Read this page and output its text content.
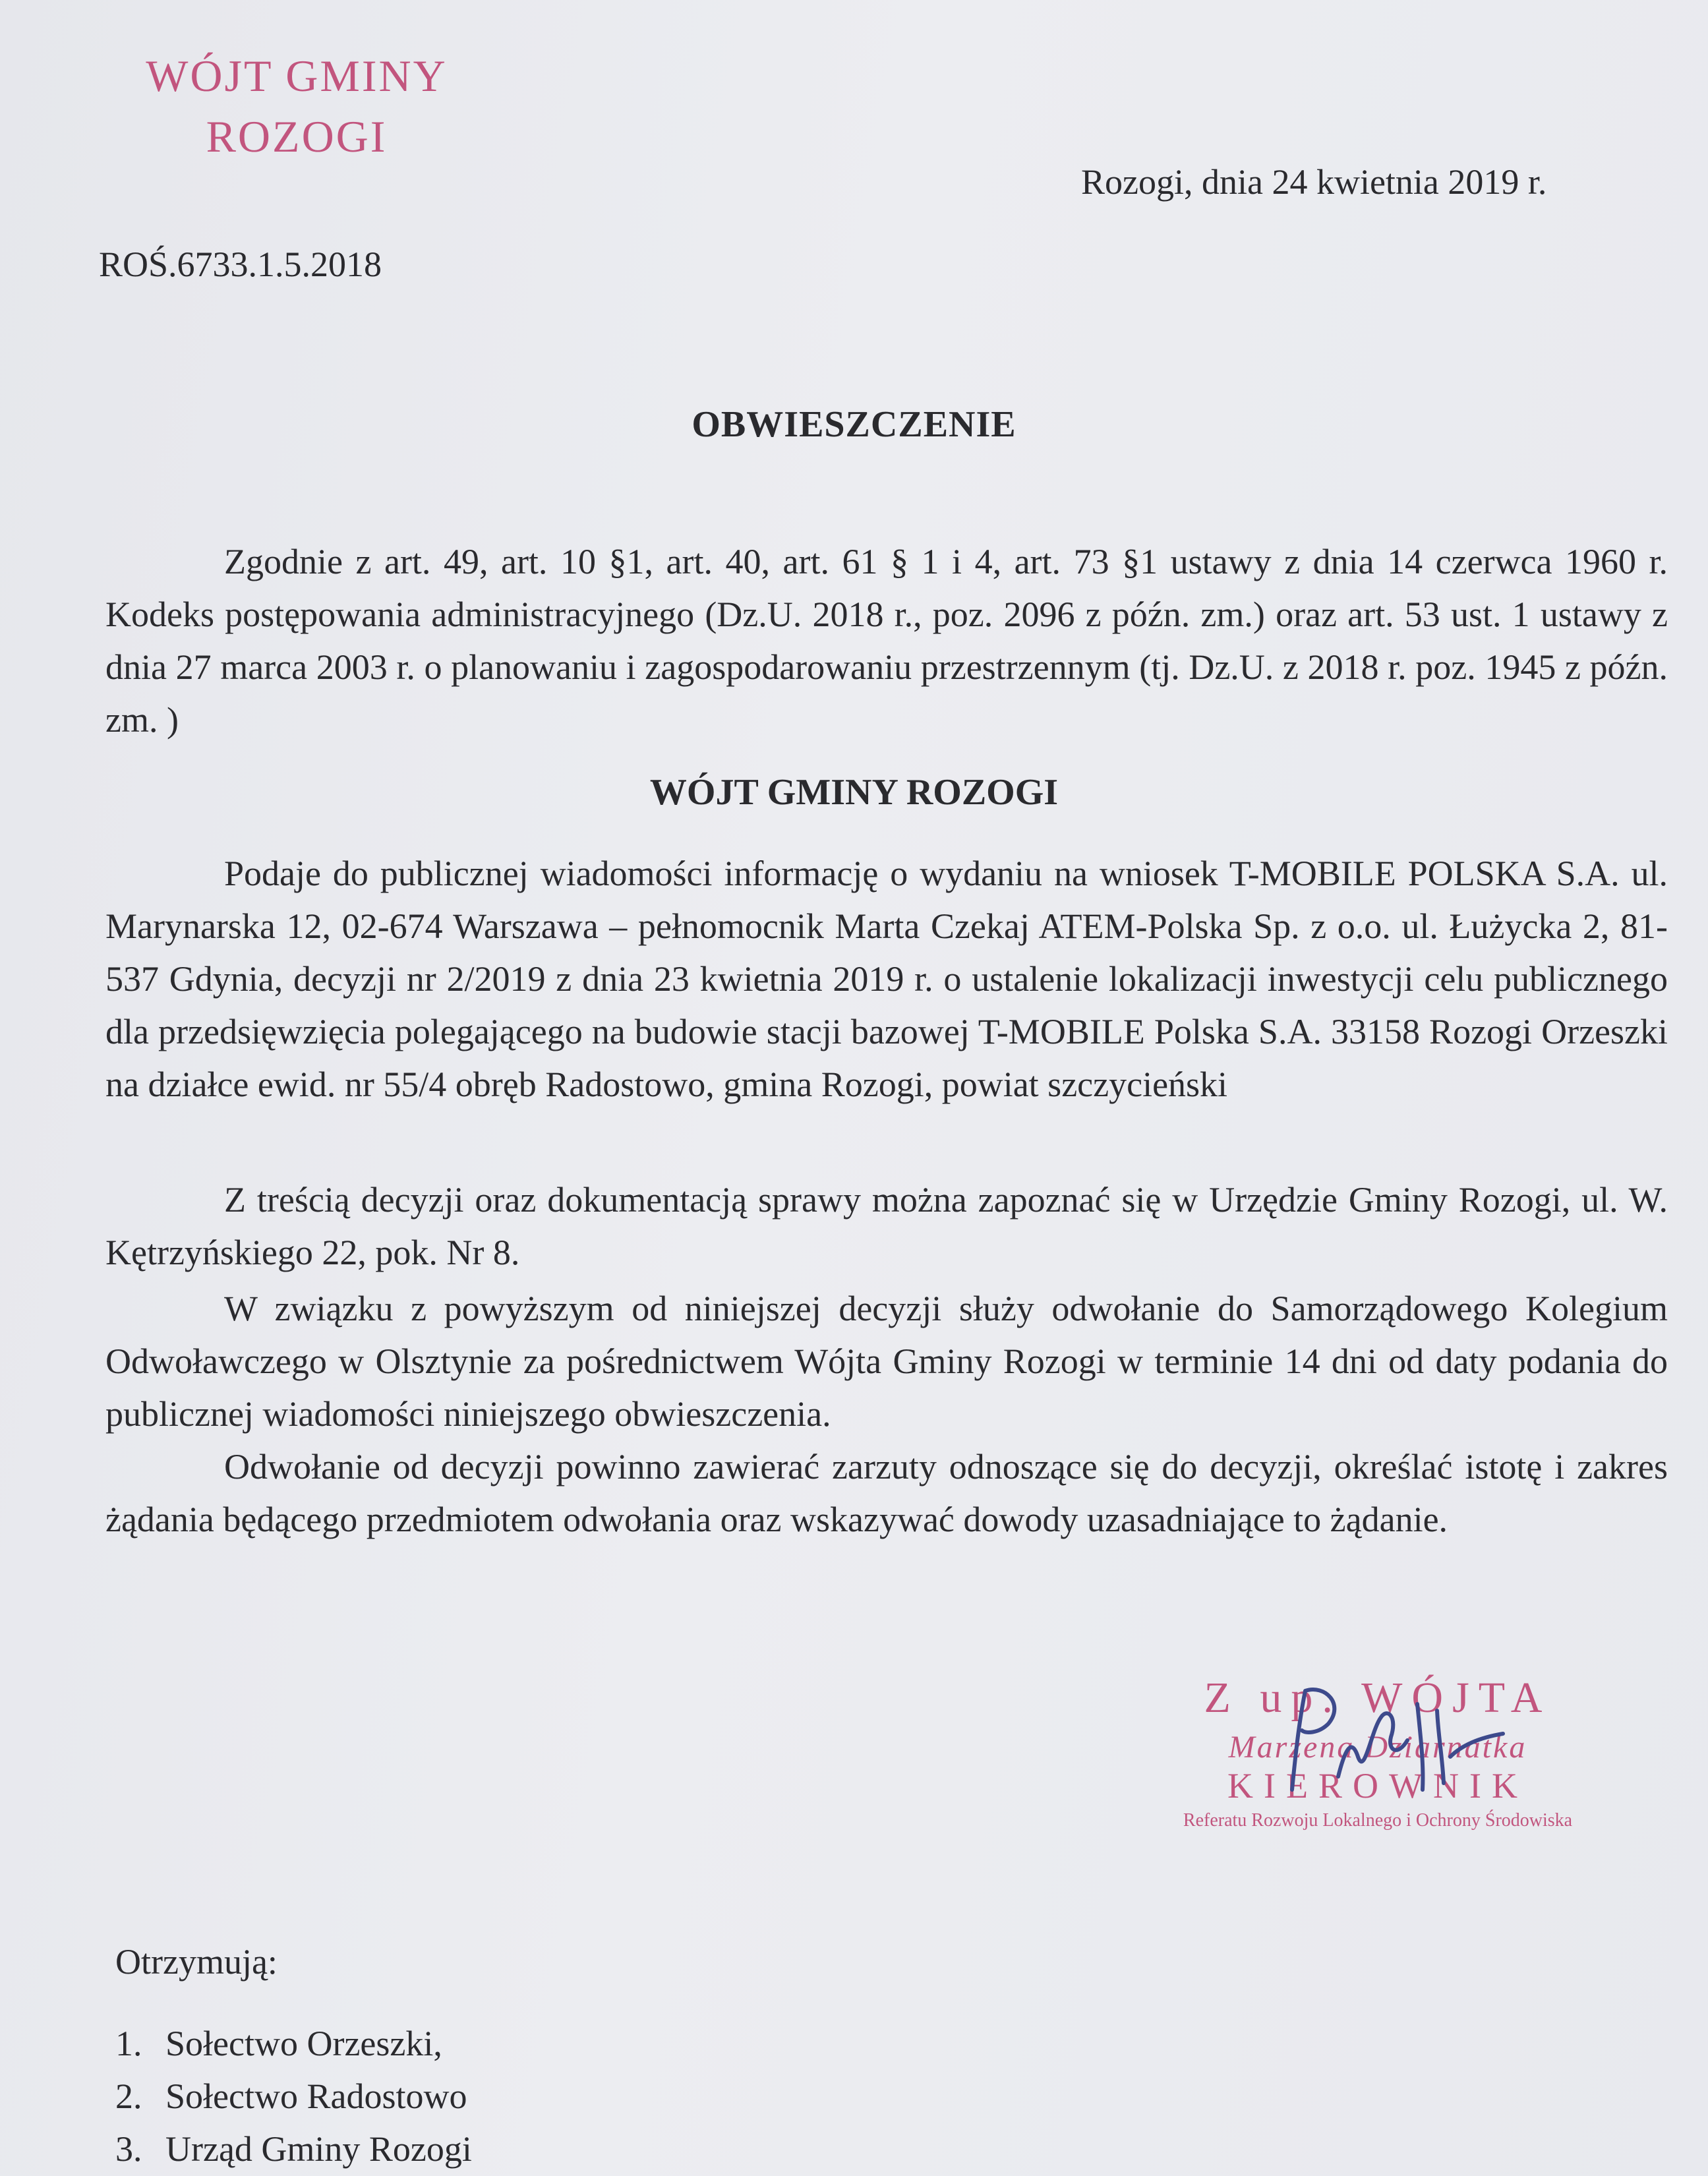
WÓJT GMINY
ROZOGI
Rozogi, dnia 24 kwietnia 2019 r.
ROŚ.6733.1.5.2018
OBWIESZCZENIE
Zgodnie z art. 49, art. 10 §1, art. 40, art. 61 § 1 i 4, art. 73 §1 ustawy z dnia 14 czerwca 1960 r. Kodeks postępowania administracyjnego (Dz.U. 2018 r., poz. 2096 z późn. zm.) oraz art. 53 ust. 1 ustawy z dnia 27 marca 2003 r. o planowaniu i zagospodarowaniu przestrzennym (tj. Dz.U. z 2018 r. poz. 1945 z późn. zm. )
WÓJT GMINY ROZOGI
Podaje do publicznej wiadomości informację o wydaniu na wniosek T-MOBILE POLSKA S.A. ul. Marynarska 12, 02-674 Warszawa – pełnomocnik Marta Czekaj ATEM-Polska Sp. z o.o. ul. Łużycka 2, 81-537 Gdynia, decyzji nr 2/2019 z dnia 23 kwietnia 2019 r. o ustalenie lokalizacji inwestycji celu publicznego dla przedsięwzięcia polegającego na budowie stacji bazowej T-MOBILE Polska S.A. 33158 Rozogi Orzeszki na działce ewid. nr 55/4 obręb Radostowo, gmina Rozogi, powiat szczycieński
Z treścią decyzji oraz dokumentacją sprawy można zapoznać się w Urzędzie Gminy Rozogi, ul. W. Kętrzyńskiego 22, pok. Nr 8.
W związku z powyższym od niniejszej decyzji służy odwołanie do Samorządowego Kolegium Odwoławczego w Olsztynie za pośrednictwem Wójta Gminy Rozogi w terminie 14 dni od daty podania do publicznej wiadomości niniejszego obwieszczenia.
Odwołanie od decyzji powinno zawierać zarzuty odnoszące się do decyzji, określać istotę i zakres żądania będącego przedmiotem odwołania oraz wskazywać dowody uzasadniające to żądanie.
Z up. WÓJTA
Marzena Dziarnatka
KIEROWNIK
Referatu Rozwoju Lokalnego i Ochrony Środowiska
Otrzymują:
1. Sołectwo Orzeszki,
2. Sołectwo Radostowo
3. Urząd Gminy Rozogi
